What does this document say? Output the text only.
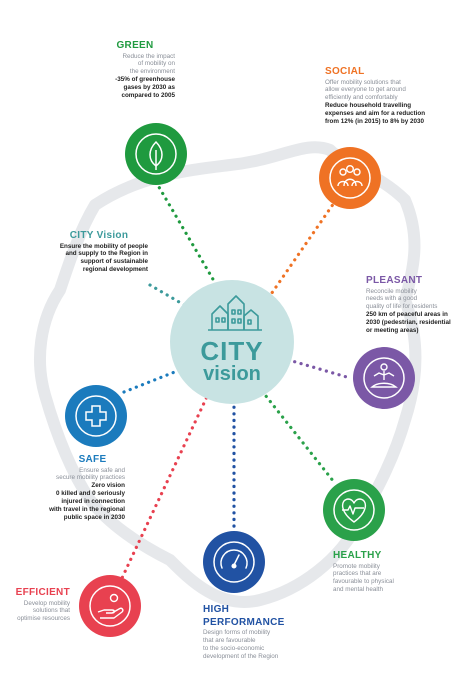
CITY
vision
GREEN
Reduce the impact
of mobility on
the environment
-35% of greenhouse
gases by 2030 as
compared to 2005
SOCIAL
Offer mobility solutions that
allow everyone to get around
efficiently and comfortably
Reduce household travelling
expenses and aim for a reduction
from 12% (in 2015) to 8% by 2030
CITY Vision
Ensure the mobility of people
and supply to the Region in
support of sustainable
regional development
PLEASANT
Reconcile mobility
needs with a good
quality of life for residents
250 km of peaceful areas in
2030 (pedestrian, residential
or meeting areas)
SAFE
Ensure safe and
secure mobility practices
Zero vision
0 killed and 0 seriously
injured in connection
with travel in the regional
public space in 2030
HEALTHY
Promote mobility
practices that are
favourable to physical
and mental health
HIGH
PERFORMANCE
Design forms of mobility
that are favourable
to the socio-economic
development of the Region
EFFICIENT
Develop mobility
solutions that
optimise resources
